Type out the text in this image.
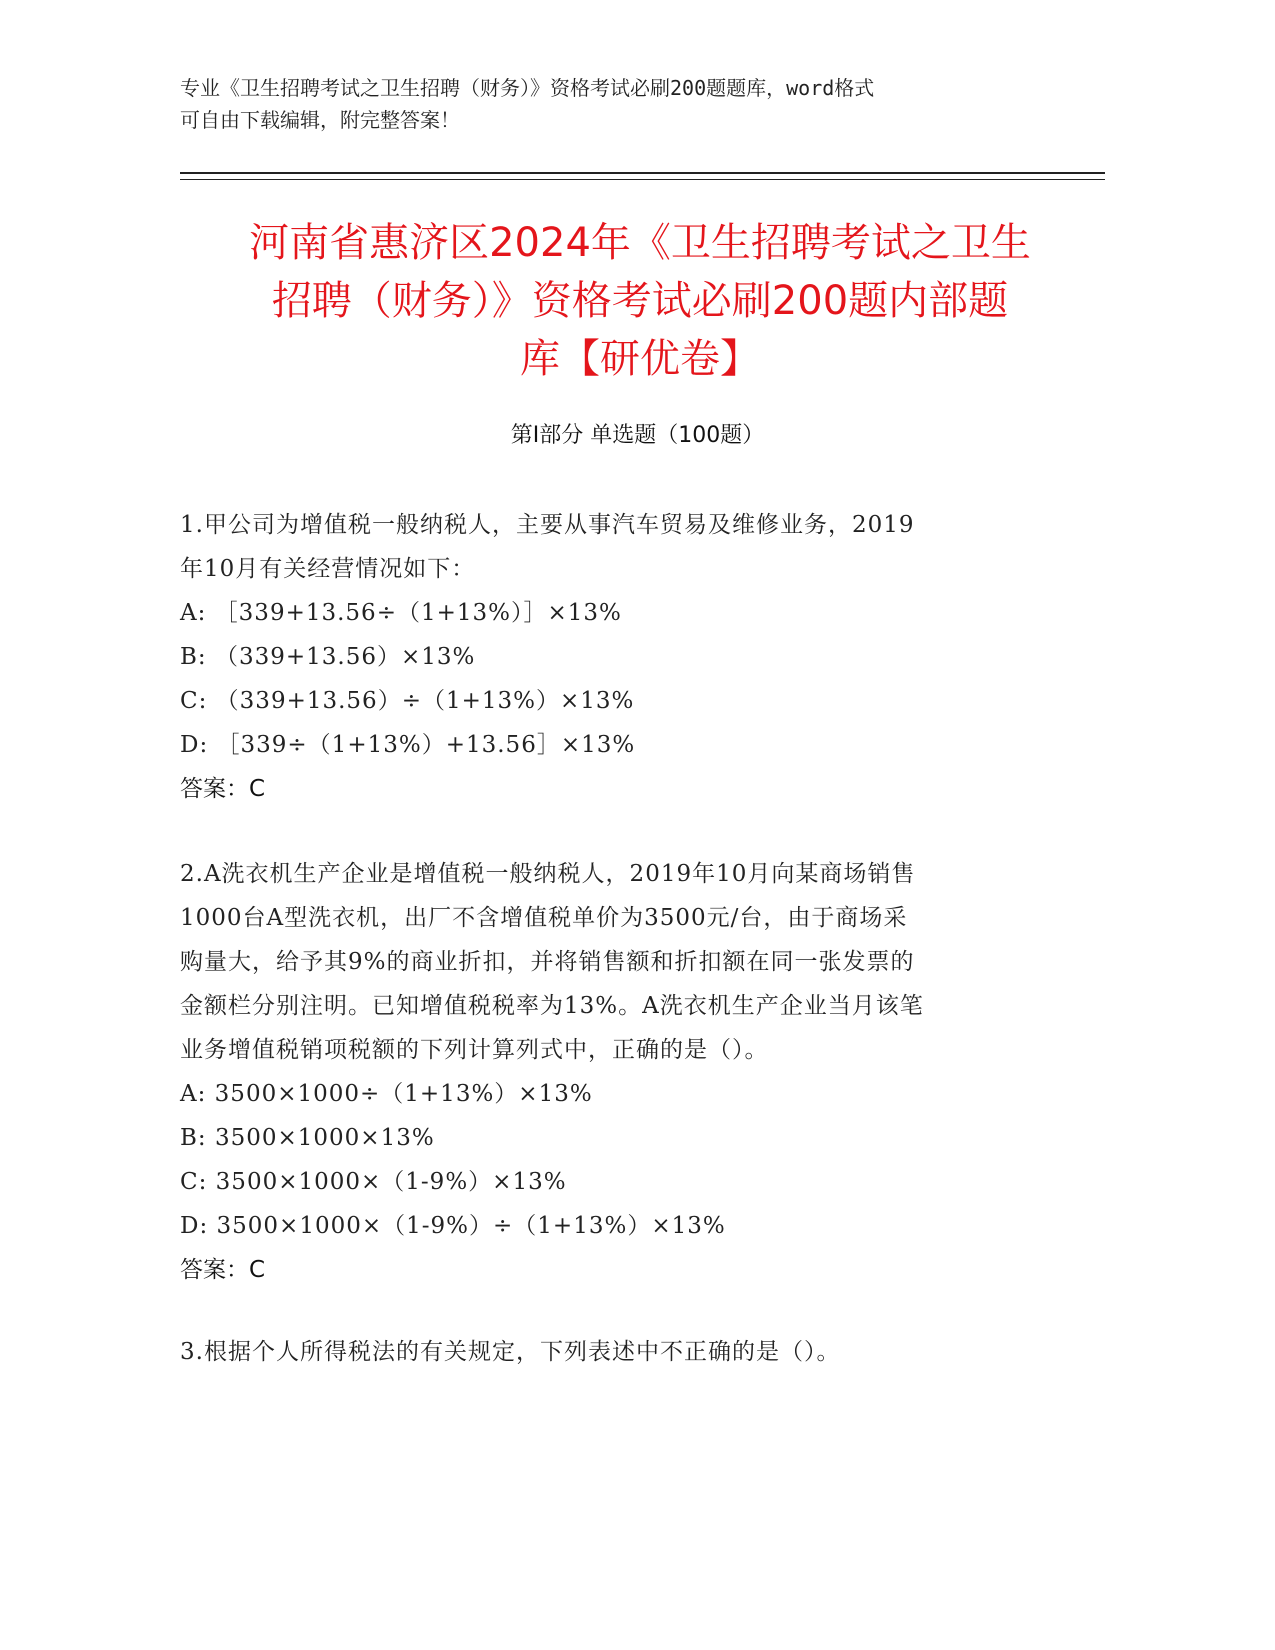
专业《卫生招聘考试之卫生招聘（财务）》资格考试必刷200题题库，word格式
可自由下载编辑，附完整答案！
河南省惠济区2024年《卫生招聘考试之卫生
招聘（财务）》资格考试必刷200题内部题
库【研优卷】
第I部分 单选题（100题）
1.甲公司为增值税一般纳税人，主要从事汽车贸易及维修业务，2019
年10月有关经营情况如下：
A: ［339+13.56÷（1+13%）］×13%
B: （339+13.56）×13%
C: （339+13.56）÷（1+13%）×13%
D: ［339÷（1+13%）+13.56］×13%
答案：C
2.A洗衣机生产企业是增值税一般纳税人，2019年10月向某商场销售
1000台A型洗衣机，出厂不含增值税单价为3500元/台，由于商场采
购量大，给予其9%的商业折扣，并将销售额和折扣额在同一张发票的
金额栏分别注明。已知增值税税率为13%。A洗衣机生产企业当月该笔
业务增值税销项税额的下列计算列式中，正确的是（）。
A: 3500×1000÷（1+13%）×13%
B: 3500×1000×13%
C: 3500×1000×（1-9%）×13%
D: 3500×1000×（1-9%）÷（1+13%）×13%
答案：C
3.根据个人所得税法的有关规定，下列表述中不正确的是（）。
